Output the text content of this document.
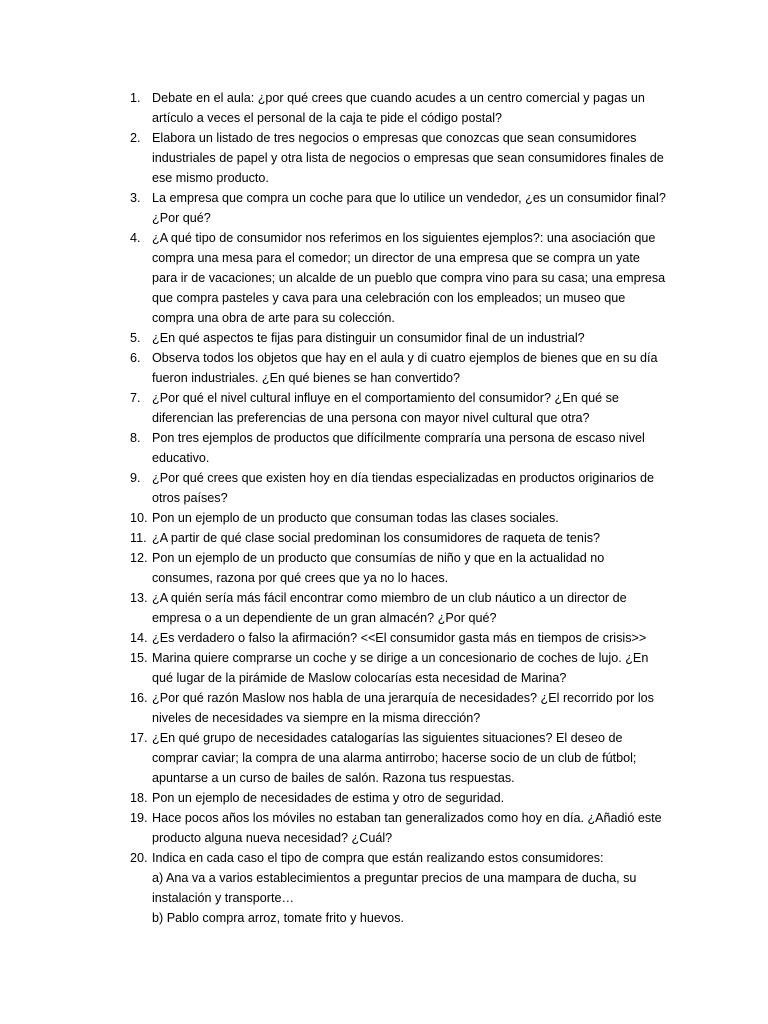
1. Debate en el aula: ¿por qué crees que cuando acudes a un centro comercial y pagas un artículo a veces el personal de la caja te pide el código postal?
2. Elabora un listado de tres negocios o empresas que conozcas que sean consumidores industriales de papel y otra lista de negocios o empresas que sean consumidores finales de ese mismo producto.
3. La empresa que compra un coche para que lo utilice un vendedor, ¿es un consumidor final? ¿Por qué?
4. ¿A qué tipo de consumidor nos referimos en los siguientes ejemplos?: una asociación que compra una mesa para el comedor; un director de una empresa que se compra un yate para ir de vacaciones; un alcalde de un pueblo que compra vino para su casa; una empresa que compra pasteles y cava para una celebración con los empleados; un museo que compra una obra de arte para su colección.
5. ¿En qué aspectos te fijas para distinguir un consumidor final de un industrial?
6. Observa todos los objetos que hay en el aula y di cuatro ejemplos de bienes que en su día fueron industriales. ¿En qué bienes se han convertido?
7. ¿Por qué el nivel cultural influye en el comportamiento del consumidor? ¿En qué se diferencian las preferencias de una persona con mayor nivel cultural que otra?
8. Pon tres ejemplos de productos que difícilmente compraría una persona de escaso nivel educativo.
9. ¿Por qué crees que existen hoy en día tiendas especializadas en productos originarios de otros países?
10. Pon un ejemplo de un producto que consuman todas las clases sociales.
11. ¿A partir de qué clase social predominan los consumidores de raqueta de tenis?
12. Pon un ejemplo de un producto que consumías de niño y que en la actualidad no consumes, razona por qué crees que ya no lo haces.
13. ¿A quién sería más fácil encontrar como miembro de un club náutico a un director de empresa o a un dependiente de un gran almacén? ¿Por qué?
14. ¿Es verdadero o falso la afirmación? <<El consumidor gasta más en tiempos de crisis>>
15. Marina quiere comprarse un coche y se dirige a un concesionario de coches de lujo. ¿En qué lugar de la pirámide de Maslow colocarías esta necesidad de Marina?
16. ¿Por qué razón Maslow nos habla de una jerarquía de necesidades? ¿El recorrido por los niveles de necesidades va siempre en la misma dirección?
17. ¿En qué grupo de necesidades catalogarías las siguientes situaciones? El deseo de comprar caviar; la compra de una alarma antirrobo; hacerse socio de un club de fútbol; apuntarse a un curso de bailes de salón. Razona tus respuestas.
18. Pon un ejemplo de necesidades de estima y otro de seguridad.
19. Hace pocos años los móviles no estaban tan generalizados como hoy en día. ¿Añadió este producto alguna nueva necesidad? ¿Cuál?
20. Indica en cada caso el tipo de compra que están realizando estos consumidores:
a) Ana va a varios establecimientos a preguntar precios de una mampara de ducha, su instalación y transporte…
b) Pablo compra arroz, tomate frito y huevos.
